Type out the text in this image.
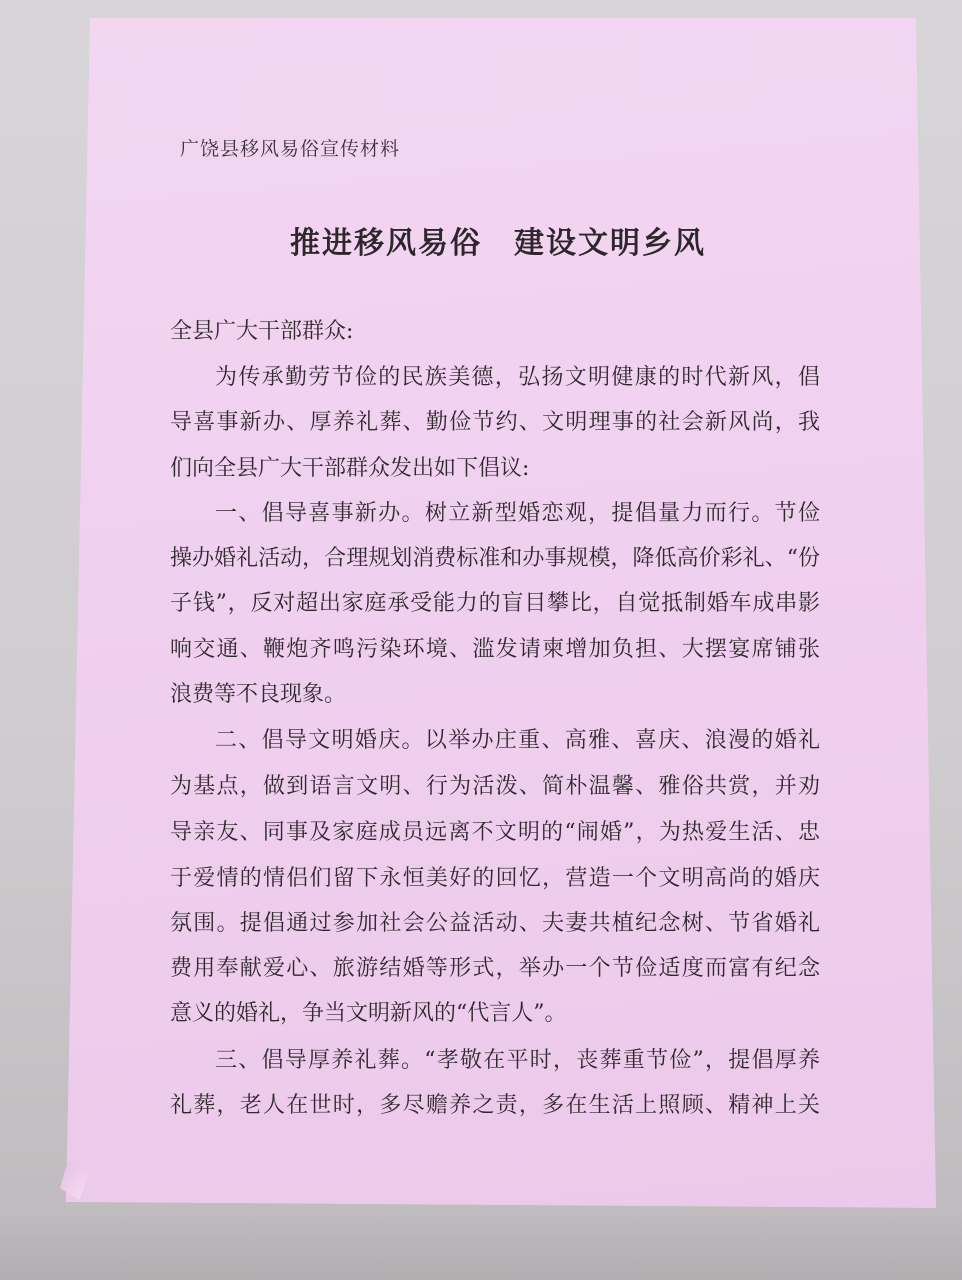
广饶县移风易俗宣传材料
推进移风易俗　建设文明乡风
全县广大干部群众:
为传承勤劳节俭的民族美德，弘扬文明健康的时代新风，倡
导喜事新办、厚养礼葬、勤俭节约、文明理事的社会新风尚，我
们向全县广大干部群众发出如下倡议:
一、倡导喜事新办。树立新型婚恋观，提倡量力而行。节俭
操办婚礼活动，合理规划消费标准和办事规模，降低高价彩礼、“份
子钱”，反对超出家庭承受能力的盲目攀比，自觉抵制婚车成串影
响交通、鞭炮齐鸣污染环境、滥发请柬增加负担、大摆宴席铺张
浪费等不良现象。
二、倡导文明婚庆。以举办庄重、高雅、喜庆、浪漫的婚礼
为基点，做到语言文明、行为活泼、简朴温馨、雅俗共赏，并劝
导亲友、同事及家庭成员远离不文明的“闹婚”，为热爱生活、忠
于爱情的情侣们留下永恒美好的回忆，营造一个文明高尚的婚庆
氛围。提倡通过参加社会公益活动、夫妻共植纪念树、节省婚礼
费用奉献爱心、旅游结婚等形式，举办一个节俭适度而富有纪念
意义的婚礼，争当文明新风的“代言人”。
三、倡导厚养礼葬。“孝敬在平时，丧葬重节俭”，提倡厚养
礼葬，老人在世时，多尽赡养之责，多在生活上照顾、精神上关
